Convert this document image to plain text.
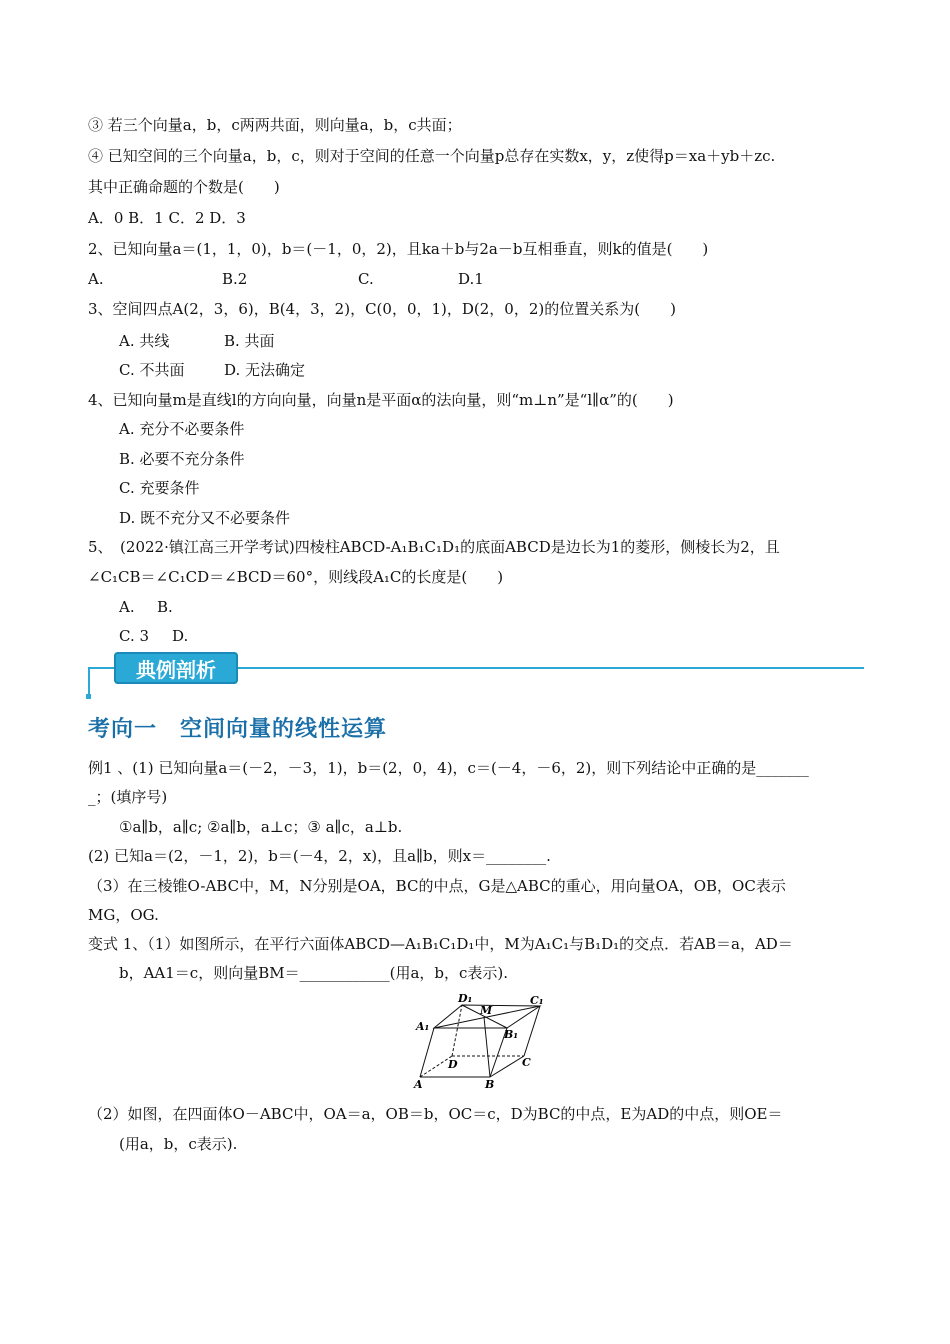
③ 若三个向量a，b，c两两共面，则向量a，b，c共面；
④ 已知空间的三个向量a，b，c，则对于空间的任意一个向量p总存在实数x，y，z使得p＝xa＋yb＋zc.
其中正确命题的个数是(　　)
A．0 B．1 C．2 D．3
2、已知向量a＝(1，1，0)，b＝(－1，0，2)，且ka＋b与2a－b互相垂直，则k的值是(　　)
A.	B.2	C.	D.1
3、空间四点A(2，3，6)，B(4，3，2)，C(0，0，1)，D(2，0，2)的位置关系为(　　)
A. 共线	B. 共面
C. 不共面	D. 无法确定
4、已知向量m是直线l的方向向量，向量n是平面α的法向量，则“m⊥n”是“l∥α”的(　　)
A. 充分不必要条件
B. 必要不充分条件
C. 充要条件
D. 既不充分又不必要条件
5、　(2022·镇江高三开学考试)四棱柱ABCD-A₁B₁C₁D₁的底面ABCD是边长为1的菱形，侧棱长为2，且
∠C₁CB＝∠C₁CD＝∠BCD＝60°，则线段A₁C的长度是(　　)
A. B.
C. 3 D.
典例剖析
考向一　空间向量的线性运算
例1 、(1) 已知向量a＝(－2，－3，1)，b＝(2，0，4)，c＝(－4，－6，2)，则下列结论中正确的是_______
_；(填序号)
①a∥b，a∥c; ②a∥b，a⊥c；③ a∥c，a⊥b.
(2) 已知a＝(2，－1，2)，b＝(－4，2，x)，且a∥b，则x＝________.
（3）在三棱锥O-ABC中，M，N分别是OA，BC的中点，G是△ABC的重心，用向量OA，OB，OC表示
MG，OG.
变式 1、（1）如图所示，在平行六面体ABCD—A₁B₁C₁D₁中，M为A₁C₁与B₁D₁的交点．若AB＝a，AD＝
b，AA1＝c，则向量BM＝____________(用a，b，c表示).
D₁
M
C₁
A₁
B₁
D	C
A	B
（2）如图，在四面体O－ABC中，OA＝a，OB＝b，OC＝c，D为BC的中点，E为AD的中点，则OE＝
(用a，b，c表示).
